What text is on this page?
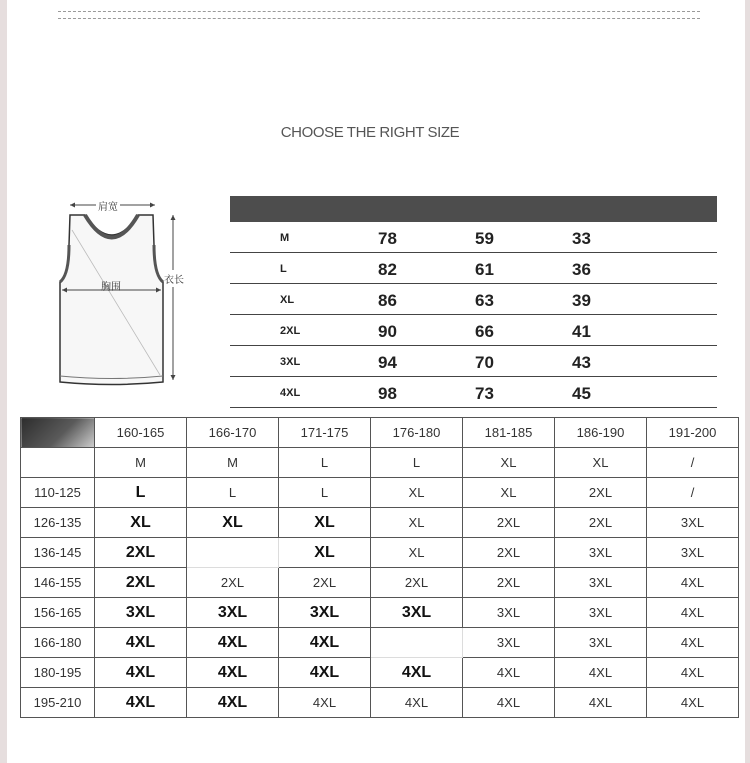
CHOOSE THE RIGHT SIZE
肩宽
胸围
衣长
M	78	59	33
L	82	61	36
XL	86	63	39
2XL	90	66	41
3XL	94	70	43
4XL	98	73	45
	160-165	166-170	171-175	176-180	181-185	186-190	191-200
	M	M	L	L	XL	XL	/
110-125	L	L	L	XL	XL	2XL	/
126-135	XL	XL	XL	XL	2XL	2XL	3XL
136-145	2XL		XL	XL	2XL	3XL	3XL
146-155	2XL	2XL	2XL	2XL	2XL	3XL	4XL
156-165	3XL	3XL	3XL	3XL	3XL	3XL	4XL
166-180	4XL	4XL	4XL		3XL	3XL	4XL
180-195	4XL	4XL	4XL	4XL	4XL	4XL	4XL
195-210	4XL	4XL	4XL	4XL	4XL	4XL	4XL
